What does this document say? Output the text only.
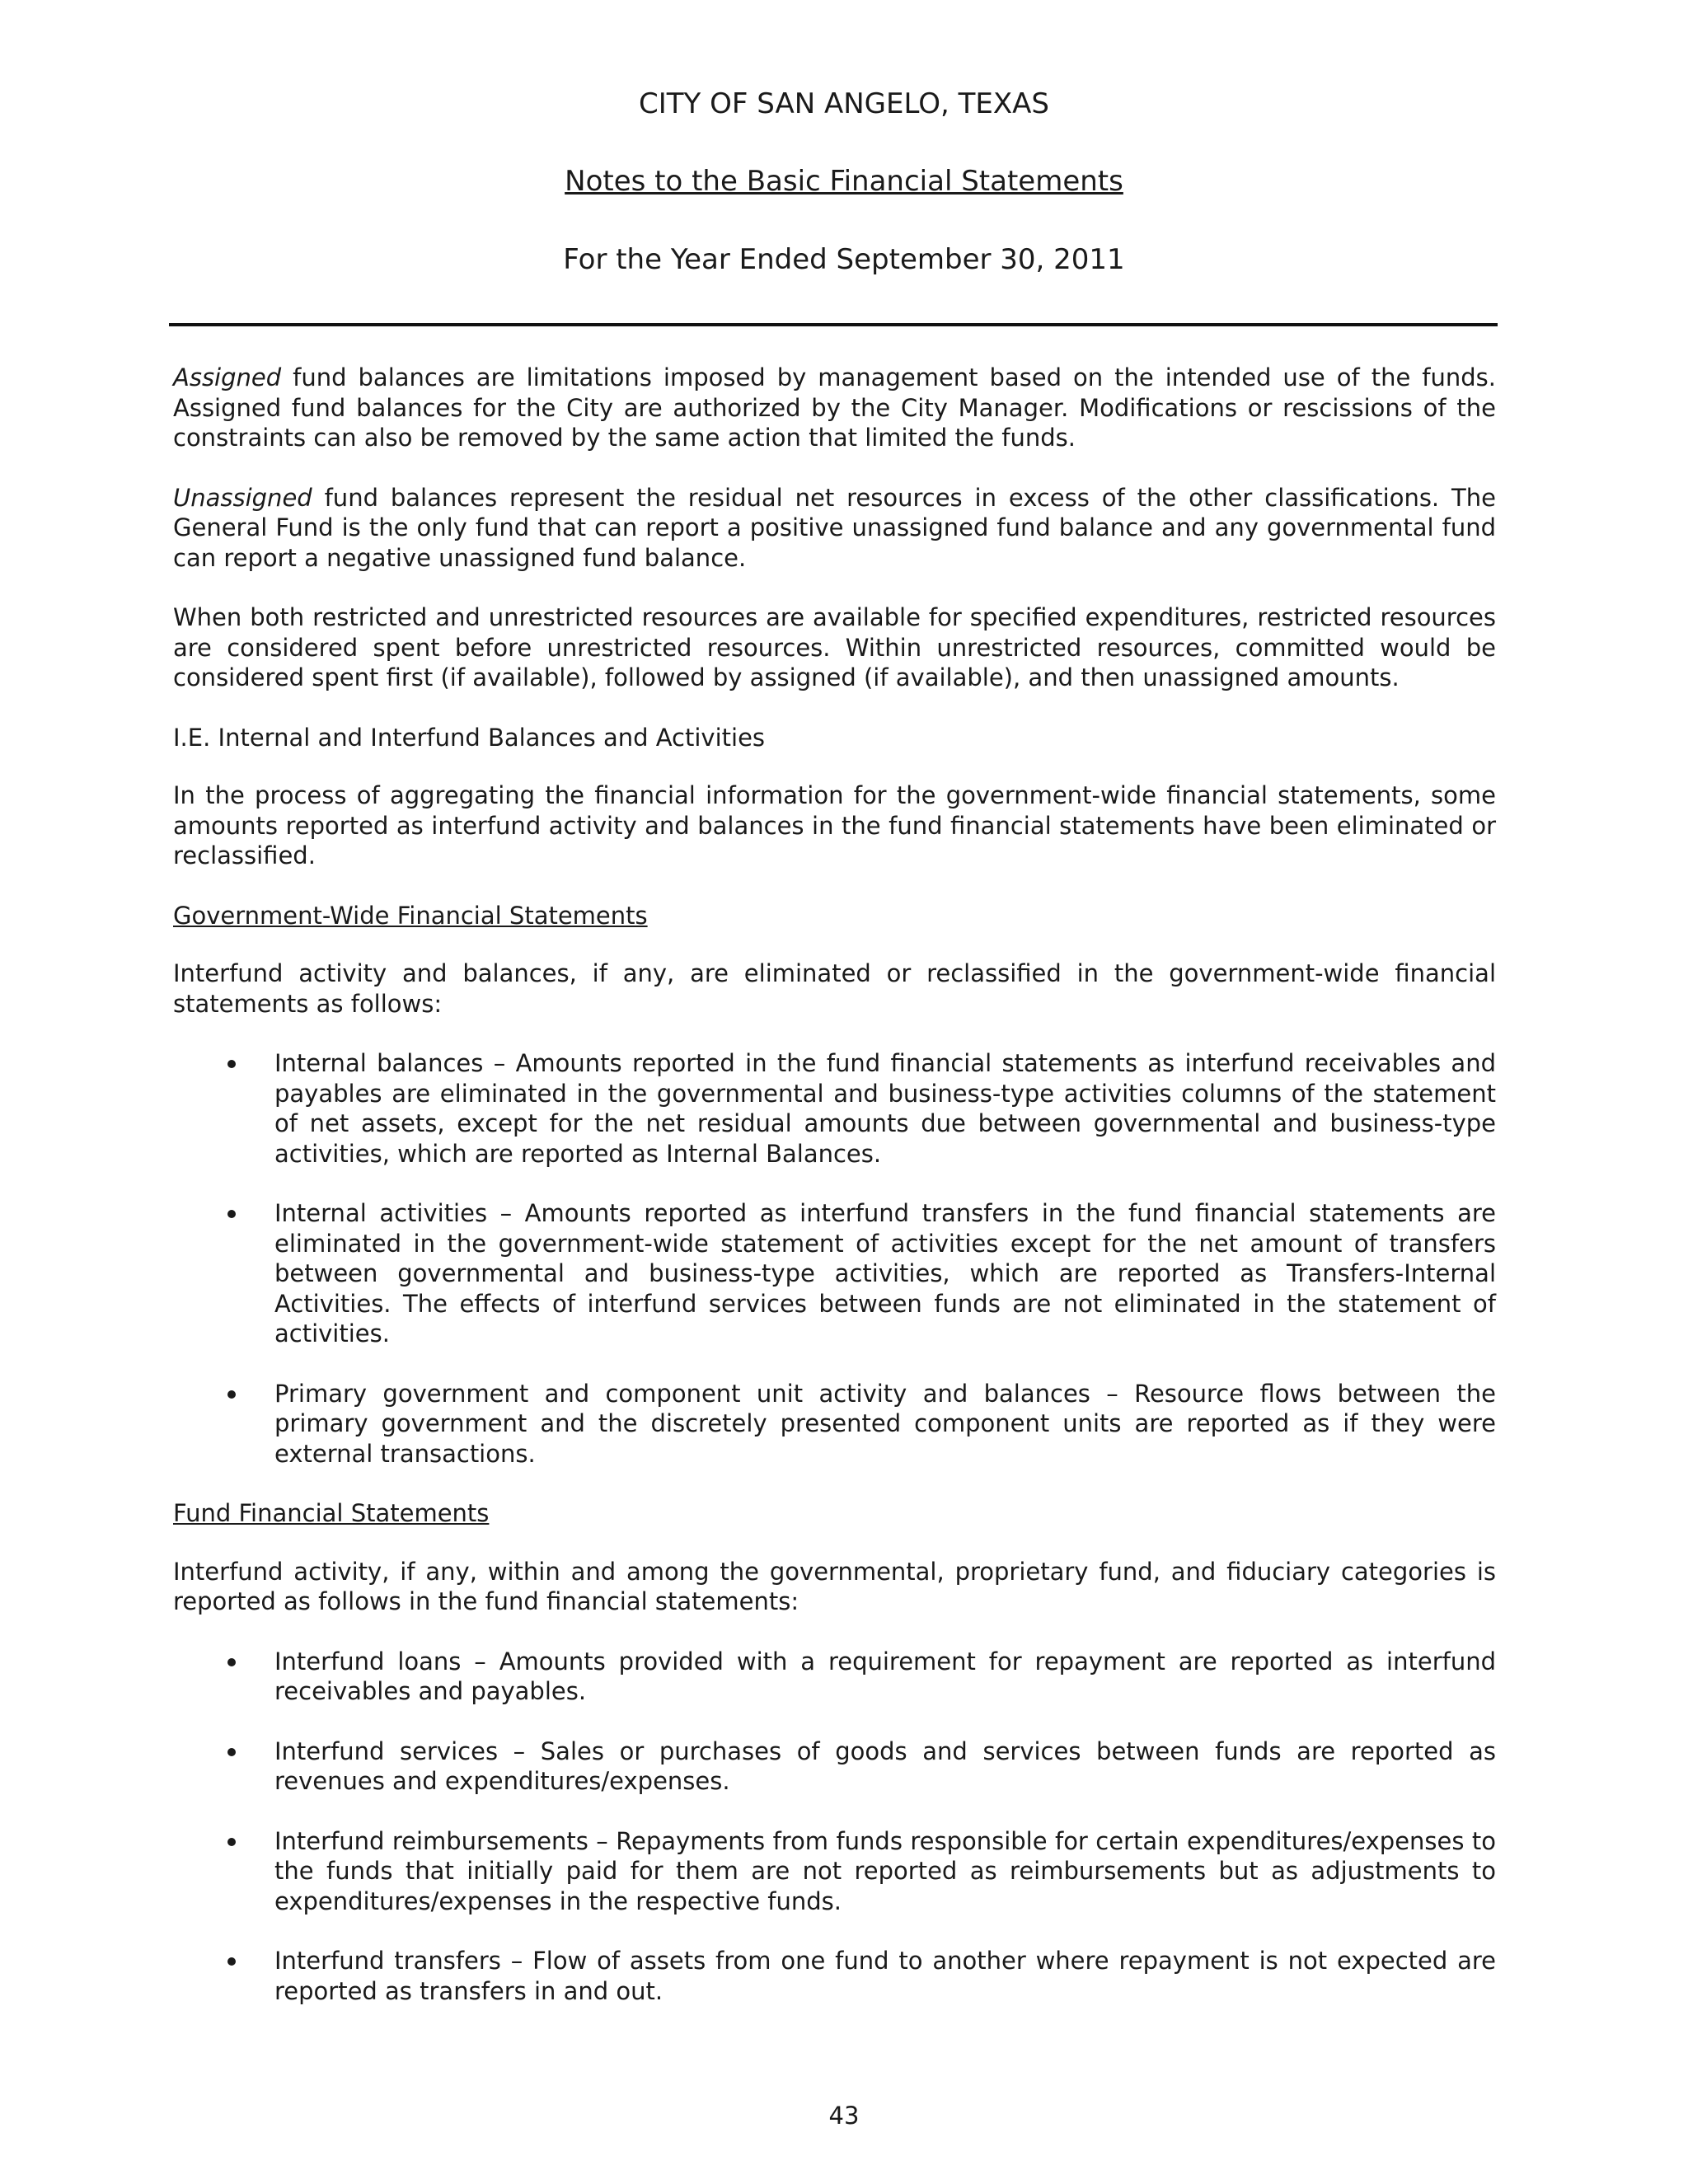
CITY OF SAN ANGELO, TEXAS
Notes to the Basic Financial Statements
For the Year Ended September 30, 2011

Assigned fund balances are limitations imposed by management based on the intended use of the funds. Assigned fund balances for the City are authorized by the City Manager. Modifications or rescissions of the constraints can also be removed by the same action that limited the funds.

Unassigned fund balances represent the residual net resources in excess of the other classifications. The General Fund is the only fund that can report a positive unassigned fund balance and any governmental fund can report a negative unassigned fund balance.

When both restricted and unrestricted resources are available for specified expenditures, restricted resources are considered spent before unrestricted resources. Within unrestricted resources, committed would be considered spent first (if available), followed by assigned (if available), and then unassigned amounts.

I.E. Internal and Interfund Balances and Activities

In the process of aggregating the financial information for the government-wide financial statements, some amounts reported as interfund activity and balances in the fund financial statements have been eliminated or reclassified.

Government-Wide Financial Statements

Interfund activity and balances, if any, are eliminated or reclassified in the government-wide financial statements as follows:

Internal balances – Amounts reported in the fund financial statements as interfund receivables and payables are eliminated in the governmental and business-type activities columns of the statement of net assets, except for the net residual amounts due between governmental and business-type activities, which are reported as Internal Balances.
Internal activities – Amounts reported as interfund transfers in the fund financial statements are eliminated in the government-wide statement of activities except for the net amount of transfers between governmental and business-type activities, which are reported as Transfers-Internal Activities. The effects of interfund services between funds are not eliminated in the statement of activities.
Primary government and component unit activity and balances – Resource flows between the primary government and the discretely presented component units are reported as if they were external transactions.

Fund Financial Statements

Interfund activity, if any, within and among the governmental, proprietary fund, and fiduciary categories is reported as follows in the fund financial statements:

Interfund loans – Amounts provided with a requirement for repayment are reported as interfund receivables and payables.
Interfund services – Sales or purchases of goods and services between funds are reported as revenues and expenditures/expenses.
Interfund reimbursements – Repayments from funds responsible for certain expenditures/expenses to the funds that initially paid for them are not reported as reimbursements but as adjustments to expenditures/expenses in the respective funds.
Interfund transfers – Flow of assets from one fund to another where repayment is not expected are reported as transfers in and out.
43
